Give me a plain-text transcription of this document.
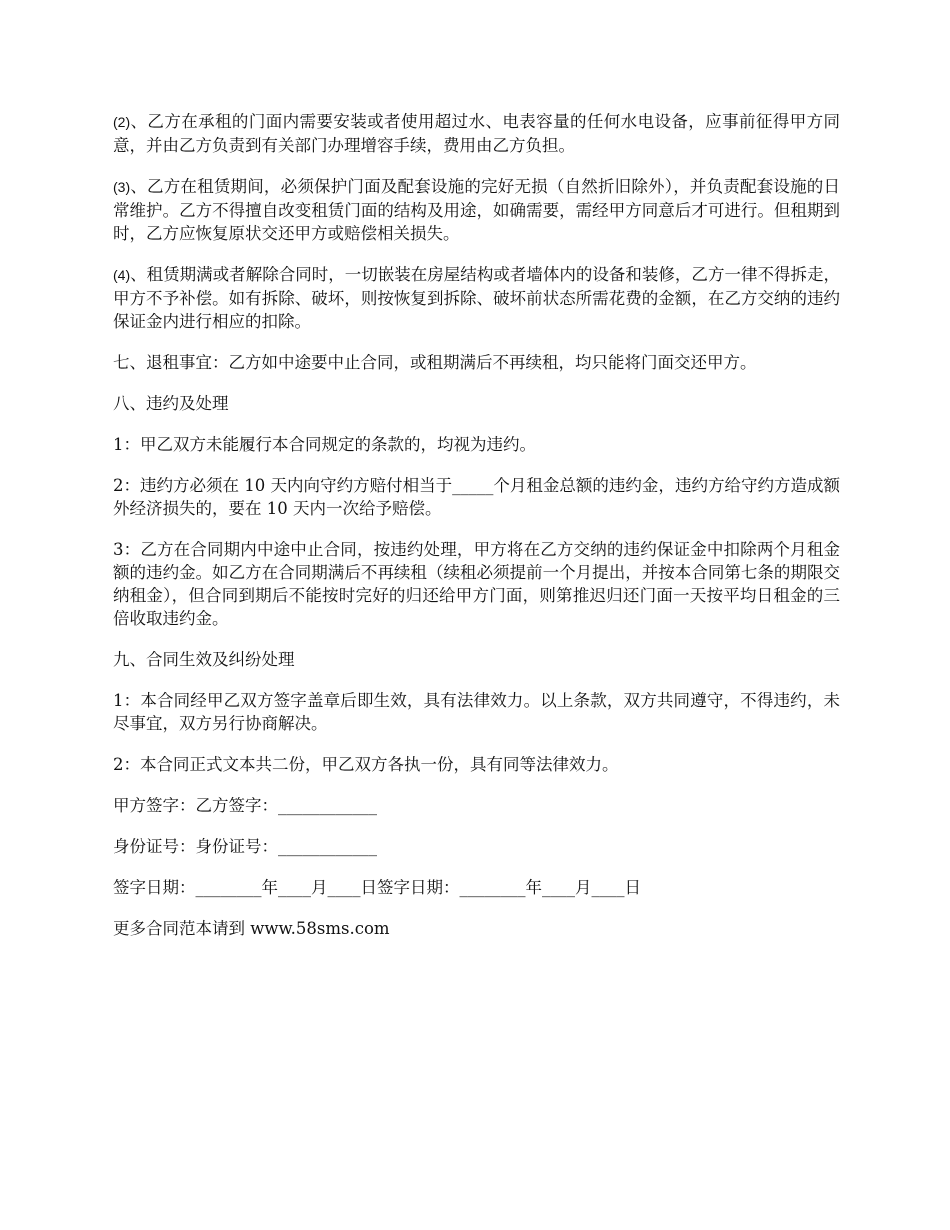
(2)、乙方在承租的门面内需要安装或者使用超过水、电表容量的任何水电设备，应事前征得甲方同意，并由乙方负责到有关部门办理增容手续，费用由乙方负担。

(3)、乙方在租赁期间，必须保护门面及配套设施的完好无损（自然折旧除外），并负责配套设施的日常维护。乙方不得擅自改变租赁门面的结构及用途，如确需要，需经甲方同意后才可进行。但租期到时，乙方应恢复原状交还甲方或赔偿相关损失。

(4)、租赁期满或者解除合同时，一切嵌装在房屋结构或者墙体内的设备和装修，乙方一律不得拆走，甲方不予补偿。如有拆除、破坏，则按恢复到拆除、破坏前状态所需花费的金额，在乙方交纳的违约保证金内进行相应的扣除。

七、退租事宜：乙方如中途要中止合同，或租期满后不再续租，均只能将门面交还甲方。

八、违约及处理

1：甲乙双方未能履行本合同规定的条款的，均视为违约。

2：违约方必须在 10 天内向守约方赔付相当于_____个月租金总额的违约金，违约方给守约方造成额外经济损失的，要在 10 天内一次给予赔偿。

3：乙方在合同期内中途中止合同，按违约处理，甲方将在乙方交纳的违约保证金中扣除两个月租金额的违约金。如乙方在合同期满后不再续租（续租必须提前一个月提出，并按本合同第七条的期限交纳租金），但合同到期后不能按时完好的归还给甲方门面，则第推迟归还门面一天按平均日租金的三倍收取违约金。

九、合同生效及纠纷处理

1：本合同经甲乙双方签字盖章后即生效，具有法律效力。以上条款，双方共同遵守，不得违约，未尽事宜，双方另行协商解决。

2：本合同正式文本共二份，甲乙双方各执一份，具有同等法律效力。

甲方签字：乙方签字：____________

身份证号：身份证号：____________

签字日期：________年____月____日签字日期：________年____月____日

更多合同范本请到 www.58sms.com
